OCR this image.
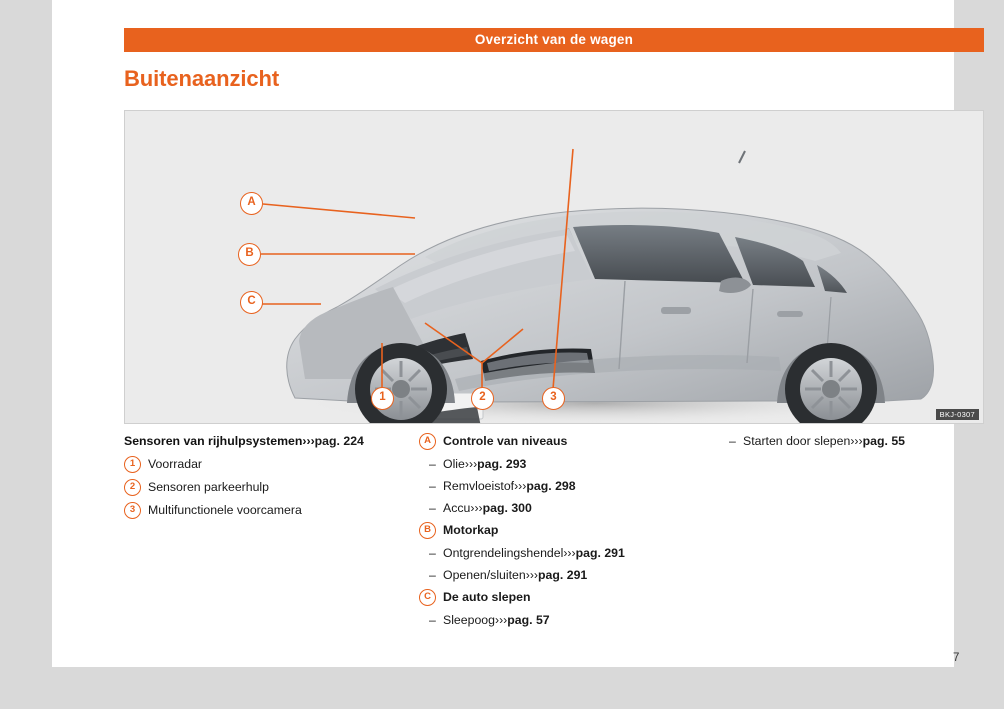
Overzicht van de wagen
Buitenaanzicht
BKJ-0307
A
B
C
1	2	3
Sensoren van rijhulpsystemen›››pag. 224
1	Voorradar
2	Sensoren parkeerhulp
3	Multifunctionele voorcamera
A Controle van niveaus
– Olie›››pag. 293
– Remvloeistof›››pag. 298
– Accu›››pag. 300
B Motorkap
– Ontgrendelingshendel›››pag. 291
– Openen/sluiten›››pag. 291
C De auto slepen
– Sleepoog›››pag. 57
– Starten door slepen›››pag. 55
7
